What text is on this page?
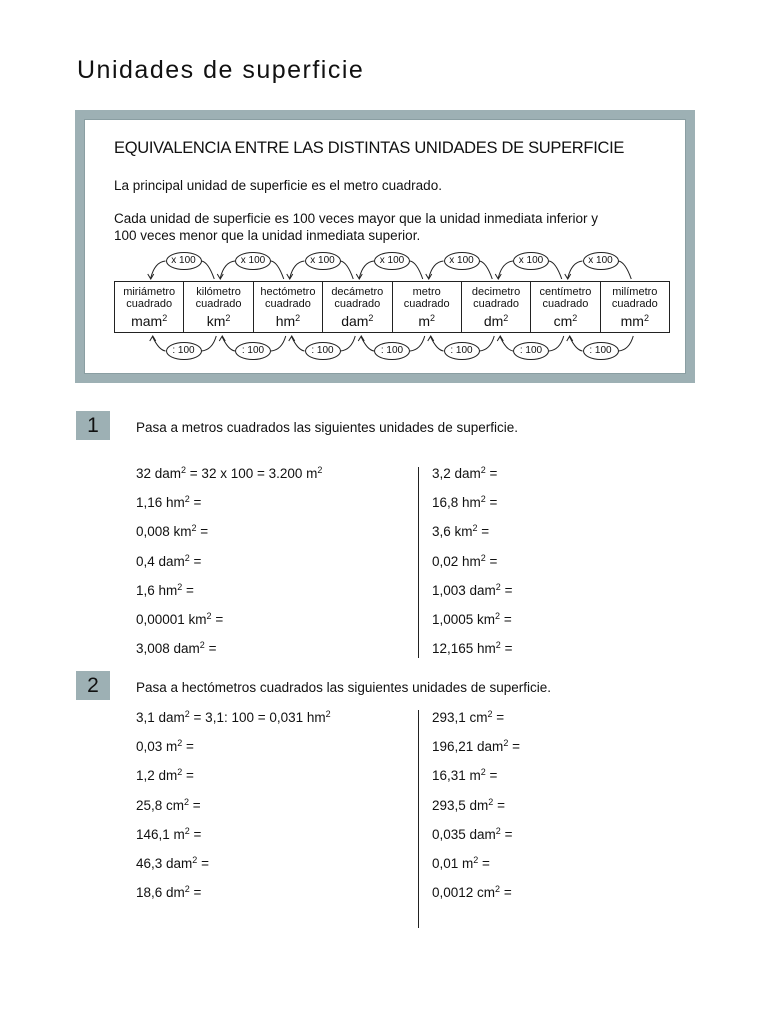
Unidades de superficie
EQUIVALENCIA ENTRE LAS DISTINTAS UNIDADES DE SUPERFICIE
La principal unidad de superficie es el metro cuadrado.
Cada unidad de superficie es 100 veces mayor que la unidad inmediata inferior y
100 veces menor que la unidad inmediata superior.
x 100
: 100
x 100
: 100
x 100
: 100
x 100
: 100
x 100
: 100
x 100
: 100
x 100
: 100
miriámetro
cuadrado
mam$^2$
kilómetro
cuadrado
$km^2$
hectómetro
cuadrado
$hm^2$
decámetro
cuadrado
dam$^2$
metro
cuadrado
$m^2$
decimetro
cuadrado
$dm^2$
centímetro
cuadrado
$cm^2$
milímetro
cuadrado
$mm^2$
1	Pasa a metros cuadrados las siguientes unidades de superficie.
32 dam$^2$ = 32 x 100 = 3.200 $m^2$
1,16 $hm^2$ =
0,008 $km^2$ =
0,4 dam$^2$ =
1,6 $hm^2$ =
0,00001 $km^2$ =
3,008 dam$^2$ =
3,2 dam$^2$ =
16,8 $hm^2$ =
3,6 $km^2$ =
0,02 $hm^2$ =
1,003 dam$^2$ =
1,0005 $km^2$ =
12,165 $hm^2$ =
2	Pasa a hectómetros cuadrados las siguientes unidades de superficie.
3,1 dam$^2$ = 3,1: 100 = 0,031 $hm^2$
0,03 $m^2$ =
1,2 $dm^2$ =
25,8 $cm^2$ =
146,1 $m^2$ =
46,3 dam$^2$ =
18,6 $dm^2$ =
293,1 $cm^2$ =
196,21 dam$^2$ =
16,31 $m^2$ =
293,5 $dm^2$ =
0,035 dam$^2$ =
0,01 $m^2$ =
0,0012 $cm^2$ =
